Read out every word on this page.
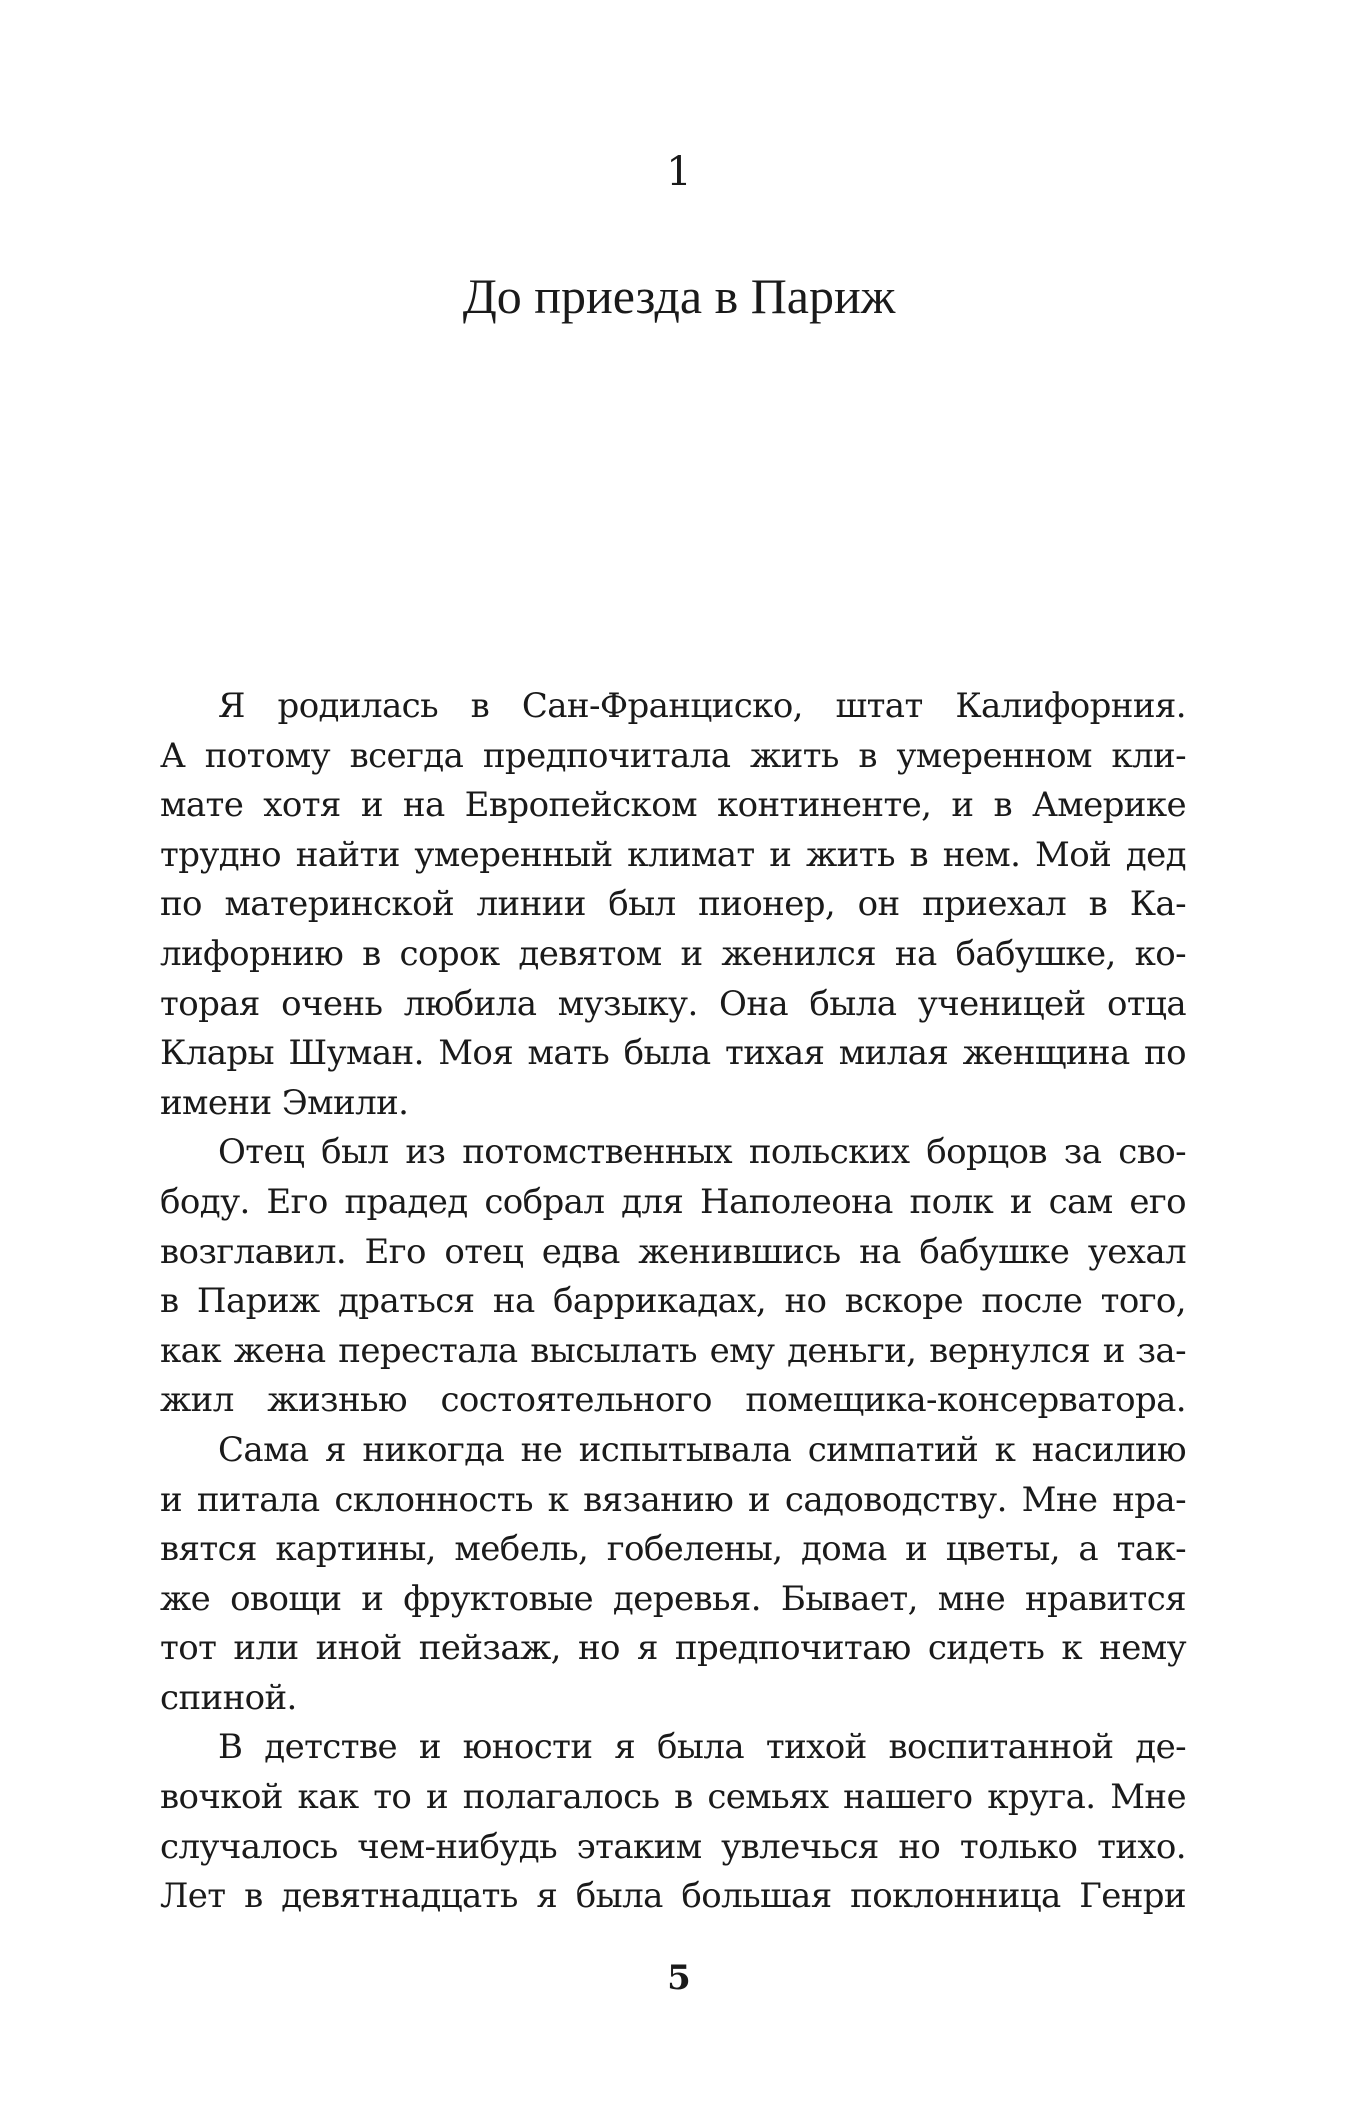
1
До приезда в Париж
Я родилась в Сан-Франциско, штат Калифорния.
А потому всегда предпочитала жить в умеренном кли-
мате хотя и на Европейском континенте, и в Америке
трудно найти умеренный климат и жить в нем. Мой дед
по материнской линии был пионер, он приехал в Ка-
лифорнию в сорок девятом и женился на бабушке, ко-
торая очень любила музыку. Она была ученицей отца
Клары Шуман. Моя мать была тихая милая женщина по
имени Эмили.
Отец был из потомственных польских борцов за сво-
боду. Его прадед собрал для Наполеона полк и сам его
возглавил. Его отец едва женившись на бабушке уехал
в Париж драться на баррикадах, но вскоре после того,
как жена перестала высылать ему деньги, вернулся и за-
жил жизнью состоятельного помещика-консерватора.
Сама я никогда не испытывала симпатий к насилию
и питала склонность к вязанию и садоводству. Мне нра-
вятся картины, мебель, гобелены, дома и цветы, а так-
же овощи и фруктовые деревья. Бывает, мне нравится
тот или иной пейзаж, но я предпочитаю сидеть к нему
спиной.
В детстве и юности я была тихой воспитанной де-
вочкой как то и полагалось в семьях нашего круга. Мне
случалось чем-нибудь этаким увлечься но только тихо.
Лет в девятнадцать я была большая поклонница Генри
5
